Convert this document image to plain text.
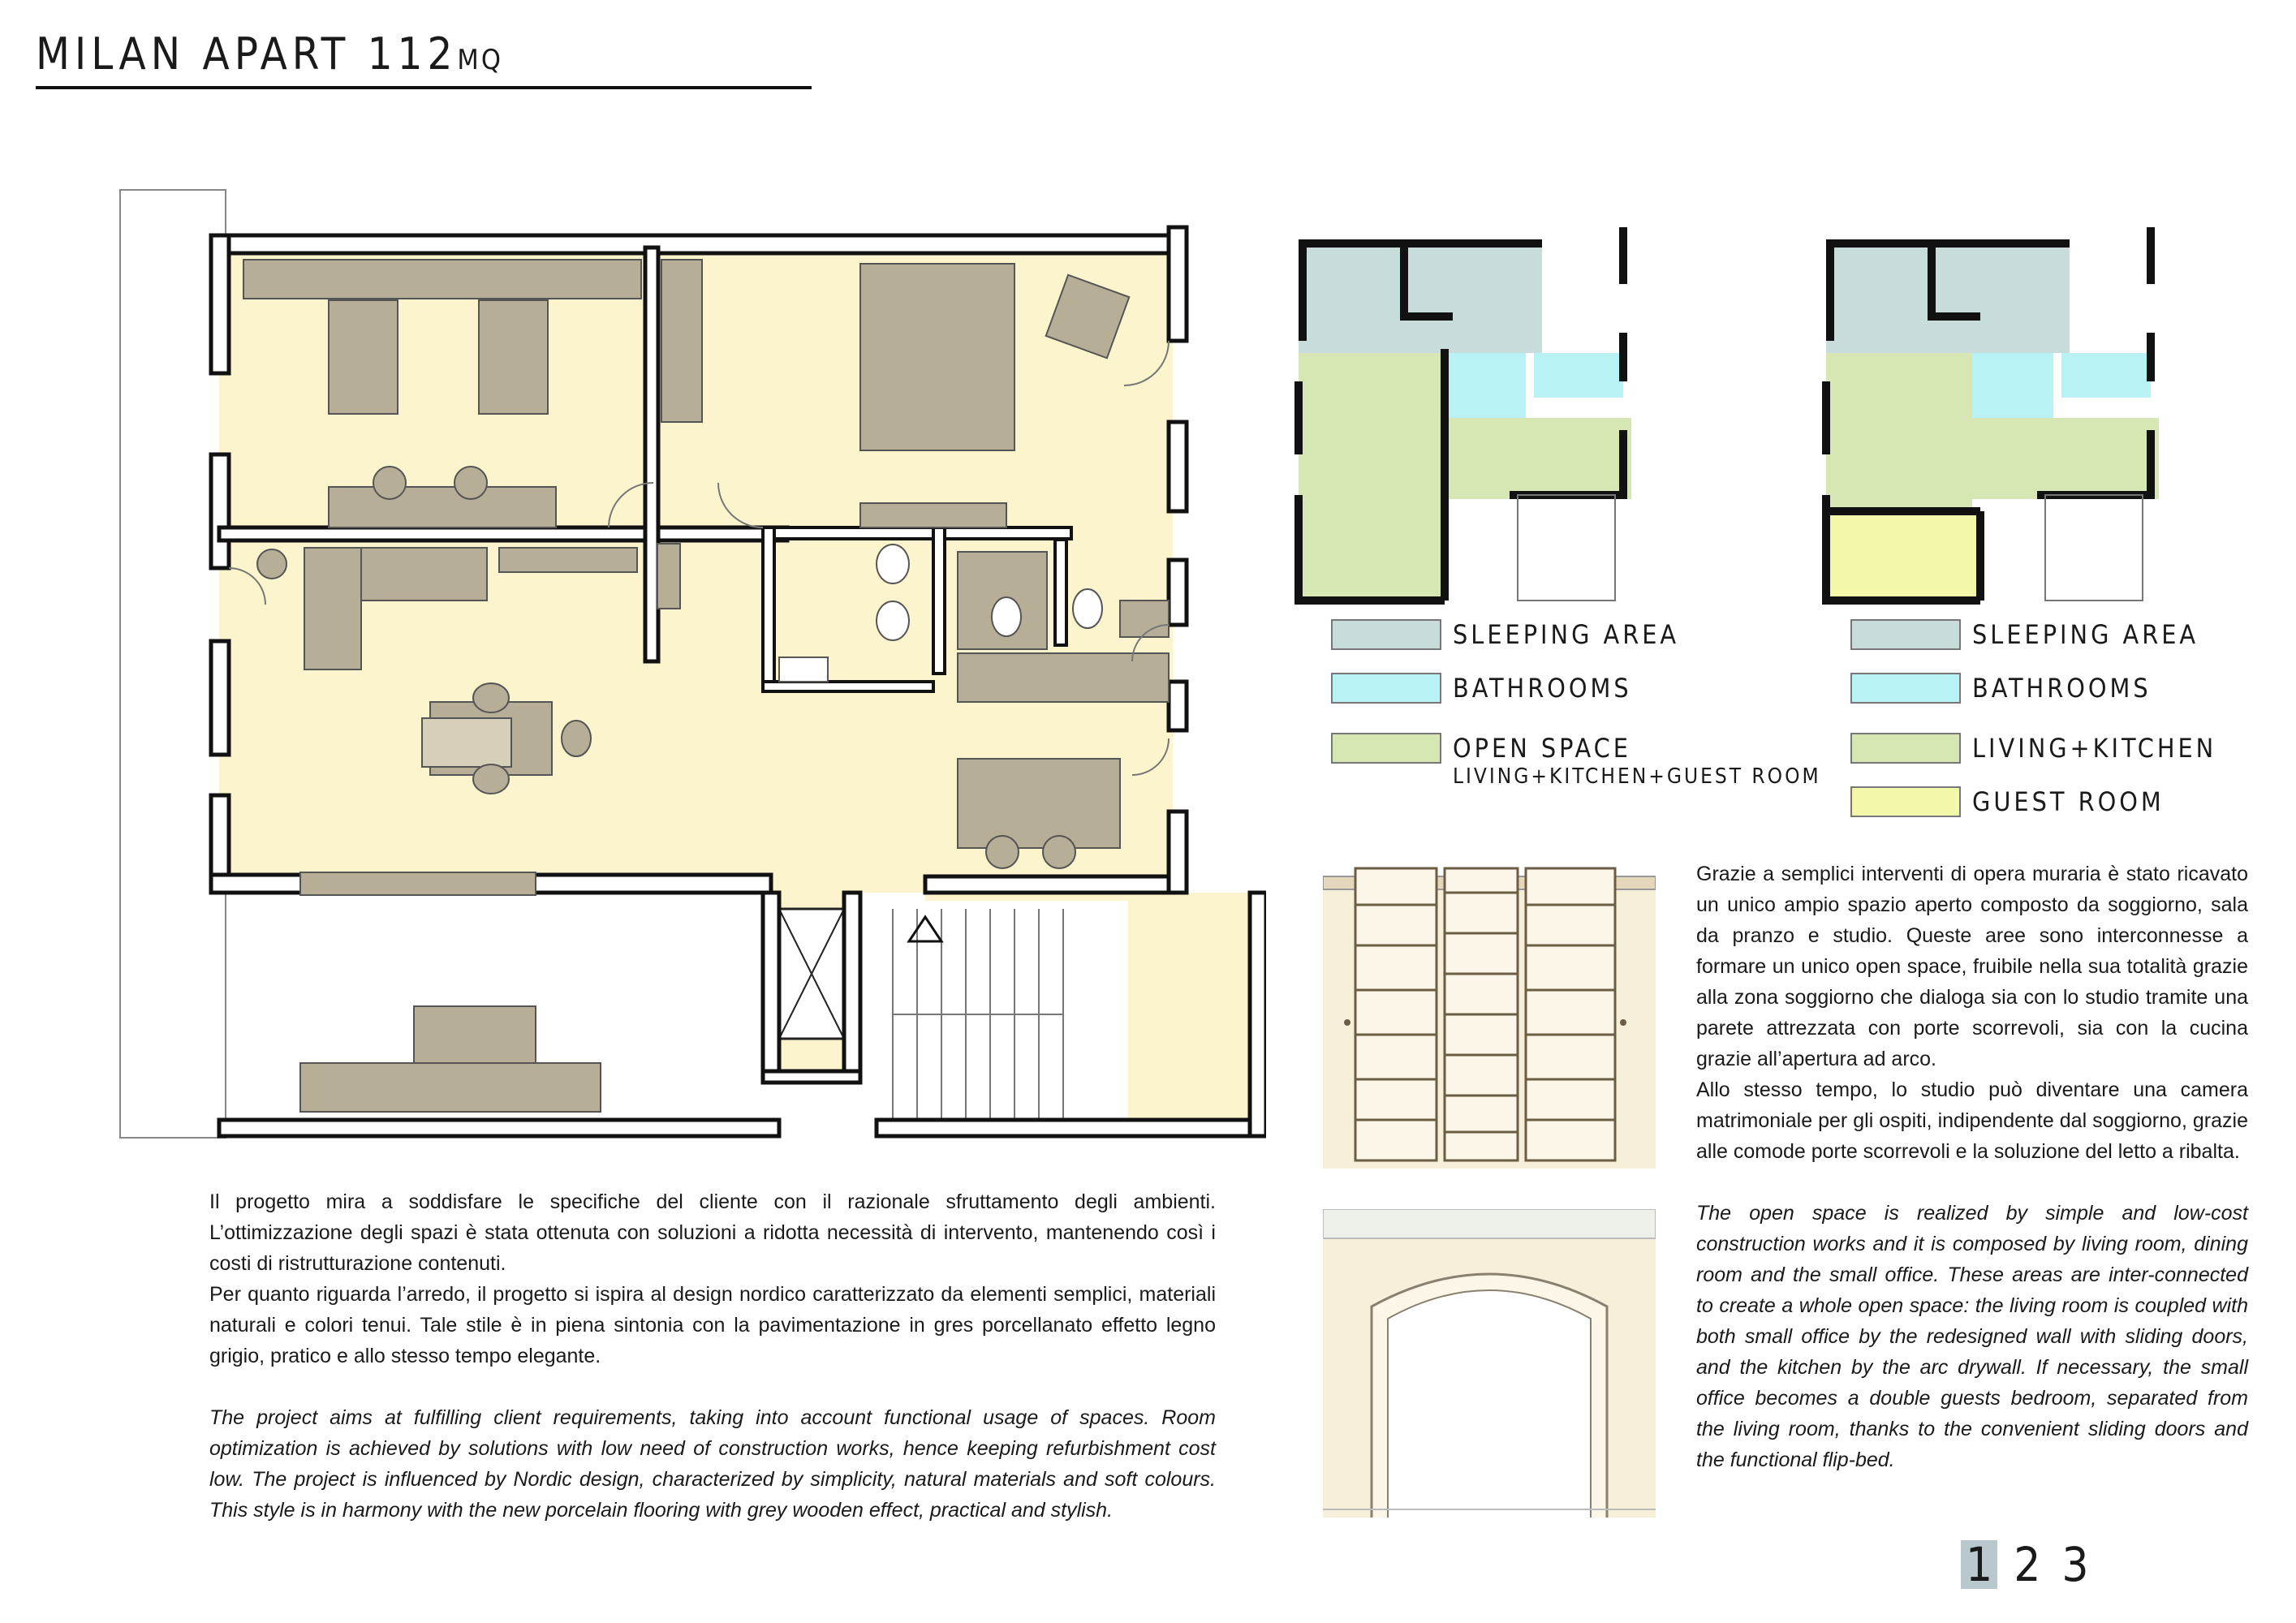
MILAN APART 112MQ
SLEEPING AREA
BATHROOMS
OPEN SPACE
LIVING+KITCHEN+GUEST ROOM
SLEEPING AREA
BATHROOMS
LIVING+KITCHEN
GUEST ROOM

Il progetto mira a soddisfare le specifiche del cliente con il razionale sfruttamento degli ambienti. L’ottimizzazione degli spazi è stata ottenuta con soluzioni a ridotta necessità di intervento, mantenendo così i costi di ristrutturazione contenuti.

Per quanto riguarda l’arredo, il progetto si ispira al design nordico caratterizzato da elementi semplici, materiali naturali e colori tenui. Tale stile è in piena sintonia con la pavimentazione in gres porcellanato effetto legno grigio, pratico e allo stesso tempo elegante.

The project aims at fulfilling client requirements, taking into account functional usage of spaces. Room optimization is achieved by solutions with low need of construction works, hence keeping refurbishment cost low. The project is influenced by Nordic design, characterized by simplicity, natural materials and soft colours. This style is in harmony with the new porcelain flooring with grey wooden effect, practical and stylish.

Grazie a semplici interventi di opera muraria è stato ricavato un unico ampio spazio aperto composto da soggiorno, sala da pranzo e studio. Queste aree sono interconnesse a formare un unico open space, fruibile nella sua totalità grazie alla zona soggiorno che dialoga sia con lo studio tramite una parete attrezzata con porte scorrevoli, sia con la cucina grazie all’apertura ad arco.

Allo stesso tempo, lo studio può diventare una camera matrimoniale per gli ospiti, indipendente dal soggiorno, grazie alle comode porte scorrevoli e la soluzione del letto a ribalta.

The open space is realized by simple and low-cost construction works and it is composed by living room, dining room and the small office. These areas are inter-connected to create a whole open space: the living room is coupled with both small office by the redesigned wall with sliding doors, and the kitchen by the arc drywall. If necessary, the small office becomes a double guests bedroom, separated from the living room, thanks to the convenient sliding doors and the functional flip-bed.

1 2 3
